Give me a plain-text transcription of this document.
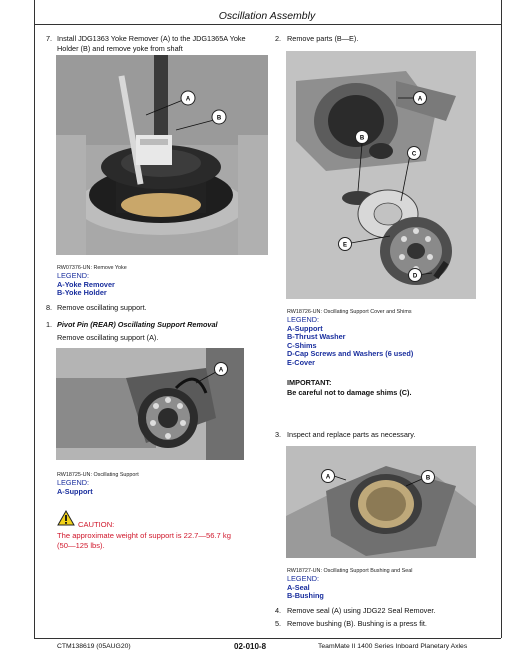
Oscillation Assembly
7. Install JDG1363 Yoke Remover (A) to the JDG1365A Yoke
Holder (B) and remove yoke from shaft
A
B
RW07376-UN: Remove Yoke
LEGEND:
A-Yoke Remover
B-Yoke Holder
8. Remove oscillating support.
1. Pivot Pin (REAR) Oscillating Support Removal
Remove oscillating support (A).
A
RW18725-UN: Oscillating Support
LEGEND:
A-Support
CAUTION:
The approximate weight of support is 22.7—56.7 kg
(50—125 lbs).
2. Remove parts (B—E).
A
B
C
D
E
RW18726-UN: Oscillating Support Cover and Shims
LEGEND:
A-Support
B-Thrust Washer
C-Shims
D-Cap Screws and Washers (6 used)
E-Cover
IMPORTANT:
Be careful not to damage shims (C).
3. Inspect and replace parts as necessary.
A	B
RW18727-UN: Oscillating Support Bushing and Seal
LEGEND:
A-Seal
B-Bushing
4. Remove seal (A) using JDG22 Seal Remover.
5. Remove bushing (B). Bushing is a press fit.
CTM138619 (05AUG20)	02-010-8	TeamMate II 1400 Series Inboard Planetary Axles
